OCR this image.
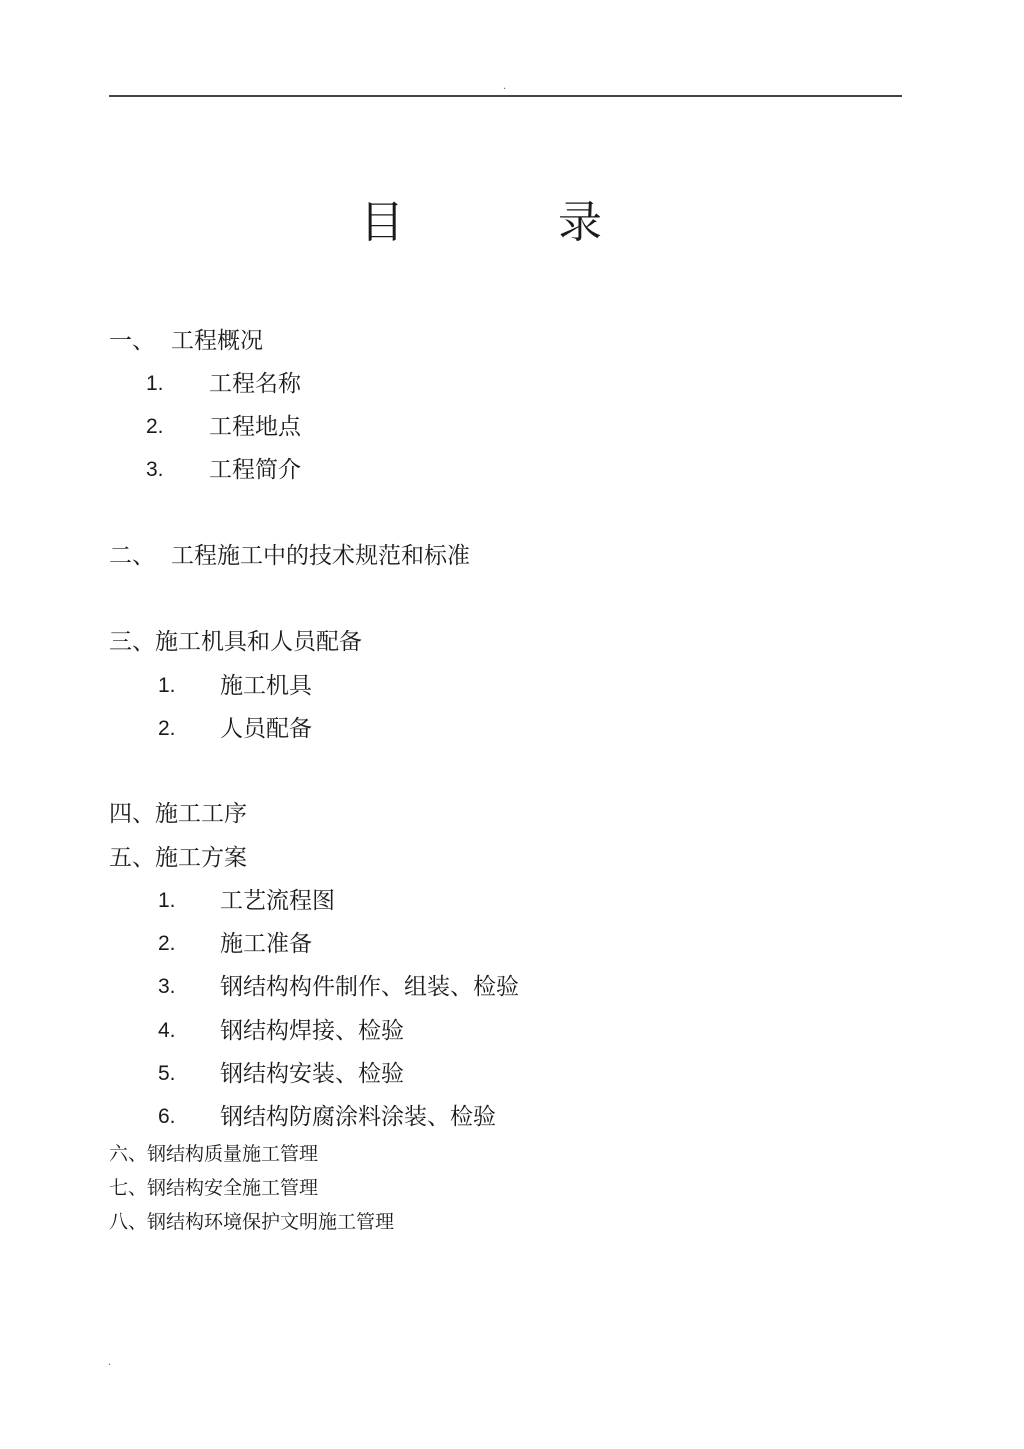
.
目	录
一、 工程概况
1. 工程名称
2. 工程地点
3. 工程简介
二、 工程施工中的技术规范和标准
三、施工机具和人员配备
1. 施工机具
2. 人员配备
四、施工工序
五、施工方案
1. 工艺流程图
2. 施工准备
3. 钢结构构件制作、组装、检验
4. 钢结构焊接、检验
5. 钢结构安装、检验
6. 钢结构防腐涂料涂装、检验
六、钢结构质量施工管理
七、钢结构安全施工管理
八、钢结构环境保护文明施工管理
.
